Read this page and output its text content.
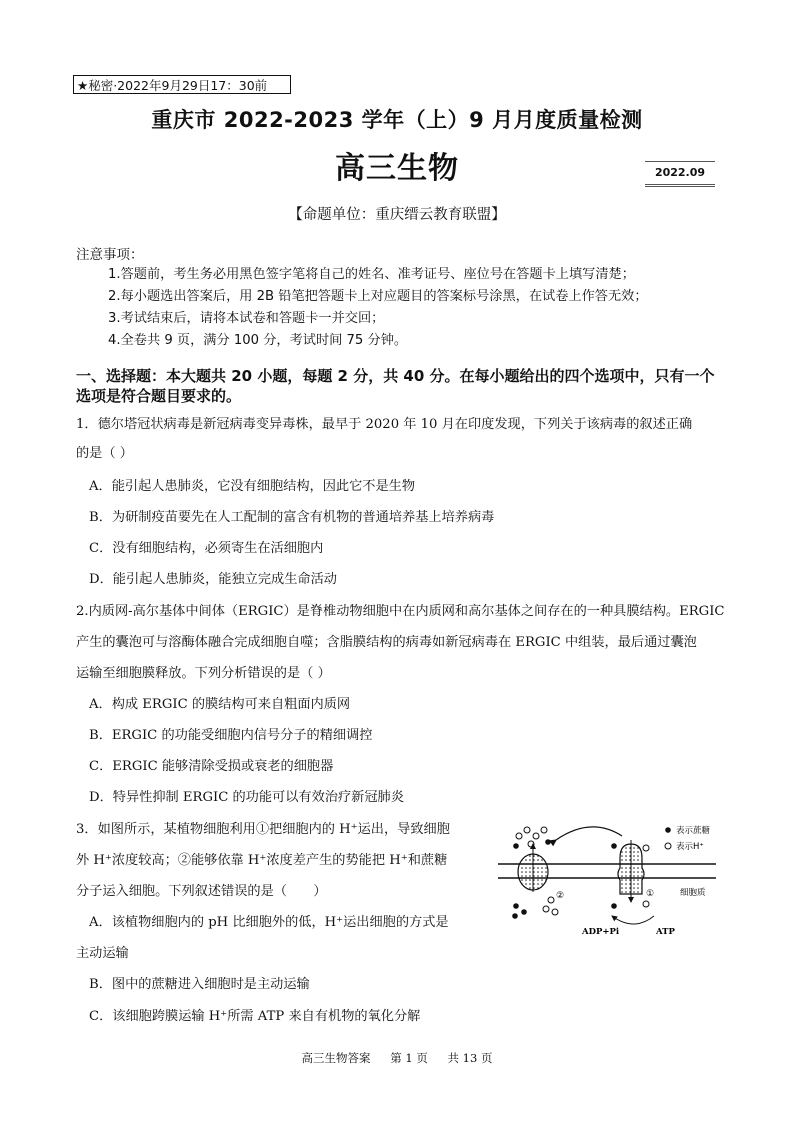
★秘密·2022年9月29日17：30前
重庆市 2022-2023 学年（上）9 月月度质量检测
高三生物	2022.09
【命题单位：重庆缙云教育联盟】
注意事项：
1.答题前，考生务必用黑色签字笔将自己的姓名、准考证号、座位号在答题卡上填写清楚；
2.每小题选出答案后，用 2B 铅笔把答题卡上对应题目的答案标号涂黑，在试卷上作答无效；
3.考试结束后，请将本试卷和答题卡一并交回；
4.全卷共 9 页，满分 100 分，考试时间 75 分钟。
一、选择题：本大题共 20 小题，每题 2 分，共 40 分。在每小题给出的四个选项中，只有一个选项是符合题目要求的。
1．德尔塔冠状病毒是新冠病毒变异毒株，最早于 2020 年 10 月在印度发现，下列关于该病毒的叙述正确
的是（ ）
A．能引起人患肺炎，它没有细胞结构，因此它不是生物
B．为研制疫苗要先在人工配制的富含有机物的普通培养基上培养病毒
C．没有细胞结构，必须寄生在活细胞内
D．能引起人患肺炎，能独立完成生命活动
2.内质网-高尔基体中间体（ERGIC）是脊椎动物细胞中在内质网和高尔基体之间存在的一种具膜结构。ERGIC
产生的囊泡可与溶酶体融合完成细胞自噬；含脂膜结构的病毒如新冠病毒在 ERGIC 中组装，最后通过囊泡
运输至细胞膜释放。下列分析错误的是（ ）
A．构成 ERGIC 的膜结构可来自粗面内质网
B．ERGIC 的功能受细胞内信号分子的精细调控
C．ERGIC 能够清除受损或衰老的细胞器
D．特异性抑制 ERGIC 的功能可以有效治疗新冠肺炎
3．如图所示，某植物细胞利用①把细胞内的 H⁺运出，导致细胞
外 H⁺浓度较高；②能够依靠 H⁺浓度差产生的势能把 H⁺和蔗糖
分子运入细胞。下列叙述错误的是（　　）
A．该植物细胞内的 pH 比细胞外的低，H⁺运出细胞的方式是
主动运输
B．图中的蔗糖进入细胞时是主动运输
C．该细胞跨膜运输 H⁺所需 ATP 来自有机物的氧化分解
②	①
ADP+Pi	ATP
细胞质
表示蔗糖
表示H⁺
高三生物答案 第 1 页 共 13 页
